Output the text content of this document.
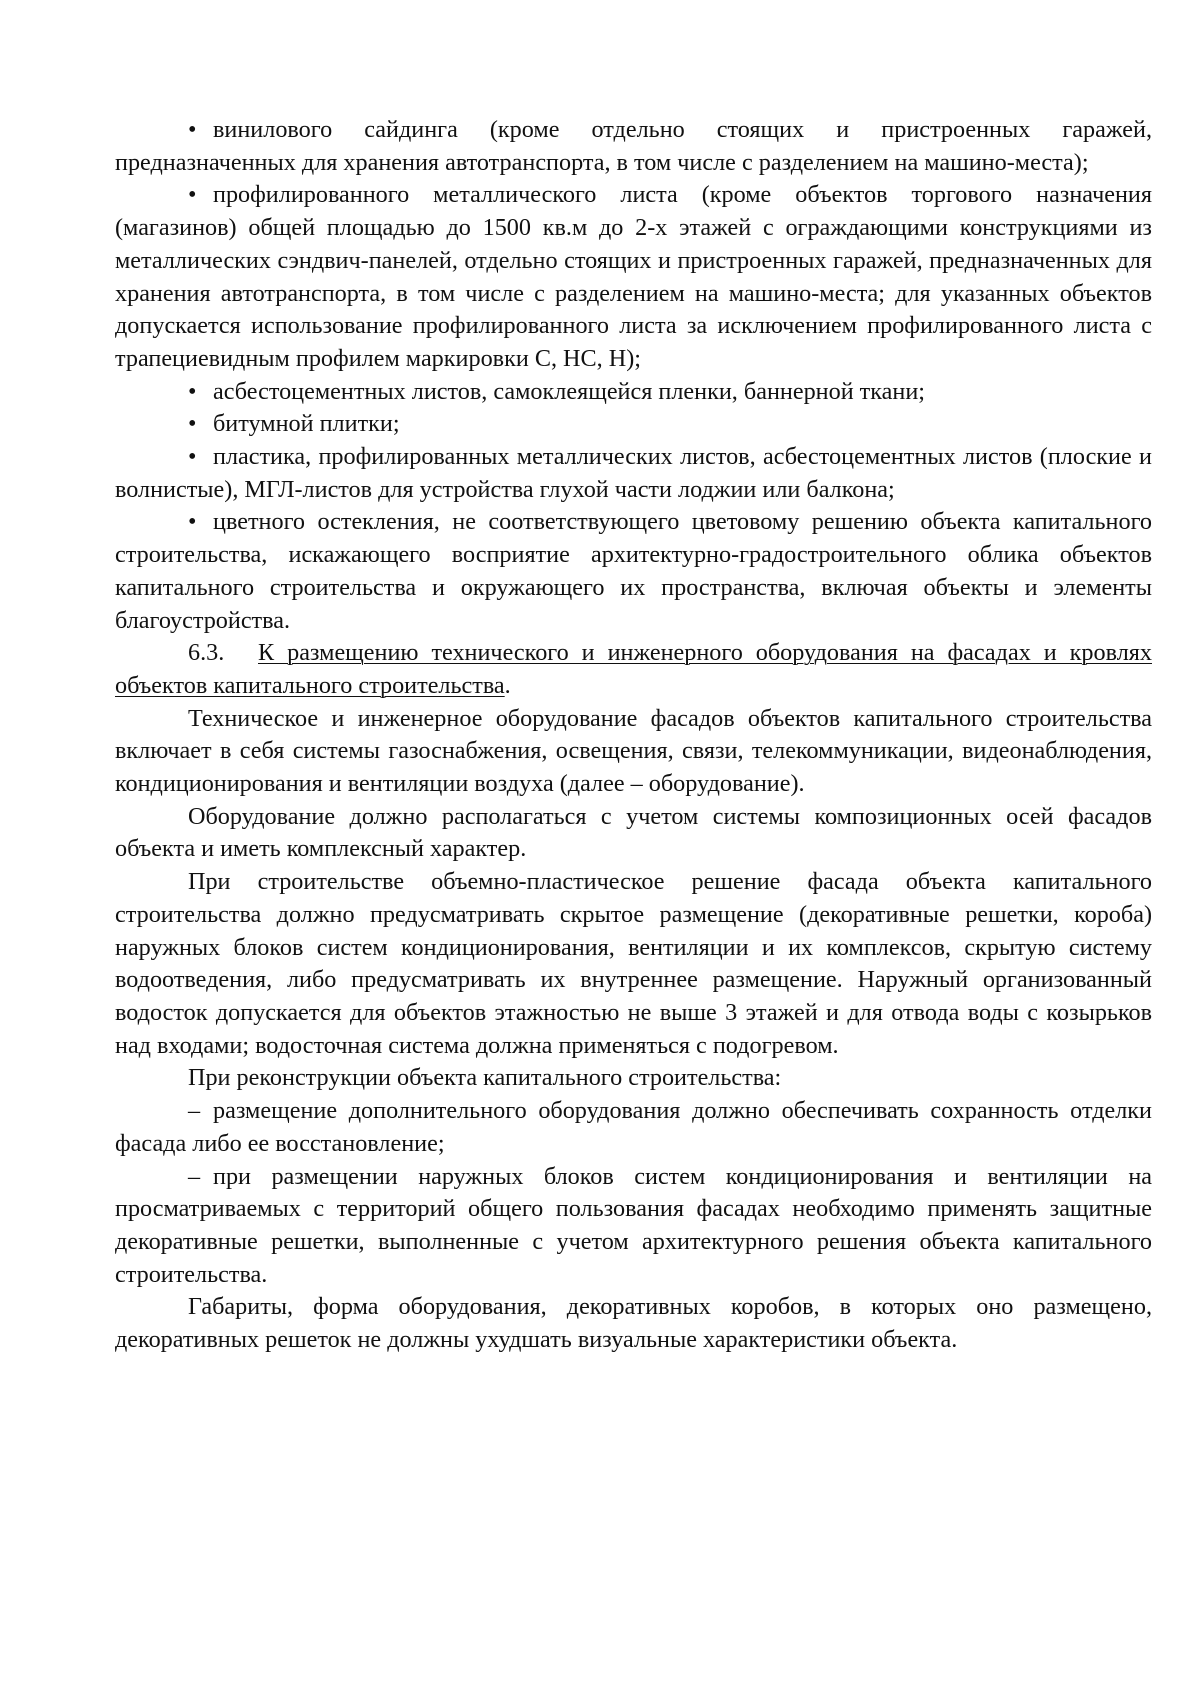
• винилового сайдинга (кроме отдельно стоящих и пристроенных гаражей, предназначенных для хранения автотранспорта, в том числе с разделением на машино-места);

• профилированного металлического листа (кроме объектов торгового назначения (магазинов) общей площадью до 1500 кв.м до 2-х этажей с ограждающими конструкциями из металлических сэндвич-панелей, отдельно стоящих и пристроенных гаражей, предназначенных для хранения автотранспорта, в том числе с разделением на машино-места; для указанных объектов допускается использование профилированного листа за исключением профилированного листа с трапециевидным профилем маркировки С, НС, Н);

• асбестоцементных листов, самоклеящейся пленки, баннерной ткани;

• битумной плитки;

• пластика, профилированных металлических листов, асбестоцементных листов (плоские и волнистые), МГЛ-листов для устройства глухой части лоджии или балкона;

• цветного остекления, не соответствующего цветовому решению объекта капитального строительства, искажающего восприятие архитектурно-градостроительного облика объектов капитального строительства и окружающего их пространства, включая объекты и элементы благоустройства.

6.3. К размещению технического и инженерного оборудования на фасадах и кровлях объектов капитального строительства.

Техническое и инженерное оборудование фасадов объектов капитального строительства включает в себя системы газоснабжения, освещения, связи, телекоммуникации, видеонаблюдения, кондиционирования и вентиляции воздуха (далее – оборудование).

Оборудование должно располагаться с учетом системы композиционных осей фасадов объекта и иметь комплексный характер.

При строительстве объемно-пластическое решение фасада объекта капитального строительства должно предусматривать скрытое размещение (декоративные решетки, короба) наружных блоков систем кондиционирования, вентиляции и их комплексов, скрытую систему водоотведения, либо предусматривать их внутреннее размещение. Наружный организованный водосток допускается для объектов этажностью не выше 3 этажей и для отвода воды с козырьков над входами; водосточная система должна применяться с подогревом.

При реконструкции объекта капитального строительства:

– размещение дополнительного оборудования должно обеспечивать сохранность отделки фасада либо ее восстановление;

– при размещении наружных блоков систем кондиционирования и вентиляции на просматриваемых с территорий общего пользования фасадах необходимо применять защитные декоративные решетки, выполненные с учетом архитектурного решения объекта капитального строительства.

Габариты, форма оборудования, декоративных коробов, в которых оно размещено, декоративных решеток не должны ухудшать визуальные характеристики объекта.
